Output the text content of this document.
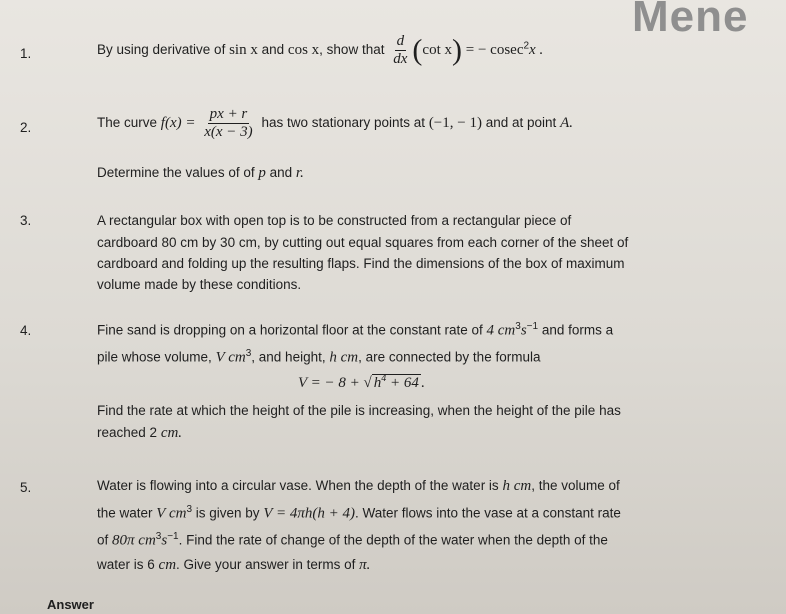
Mene
1.	By using derivative of sin x and cos x, show that $\frac{d}{dx} (\cot$ x) = − cosec$^2$x .
2.	The curve $f(x) = \frac{px + r}{x(x - 3)}$ has two stationary points at (−1, − 1) and at point A.
Determine the values of of p and r.
3.	A rectangular box with open top is to be constructed from a rectangular piece of
cardboard 80 cm by 30 cm, by cutting out equal squares from each corner of the sheet of
cardboard and folding up the resulting flaps. Find the dimensions of the box of maximum
volume made by these conditions.
4.	Fine sand is dropping on a horizontal floor at the constant rate of 4 $cm^3s^{-1}$ and forms a
pile whose volume, V $cm^3$, and height, h cm, are connected by the formula
V = − 8 + √ $h^4 + 64$ .
Find the rate at which the height of the pile is increasing, when the height of the pile has
reached 2 cm.
5.	Water is flowing into a circular vase. When the depth of the water is h cm, the volume of
the water V $cm^3$ is given by V = 4πh(h + 4). Water flows into the vase at a constant rate
of 80π $cm^3s^{-1}$. Find the rate of change of the depth of the water when the depth of the
water is 6 cm. Give your answer in terms of π.
Answer
